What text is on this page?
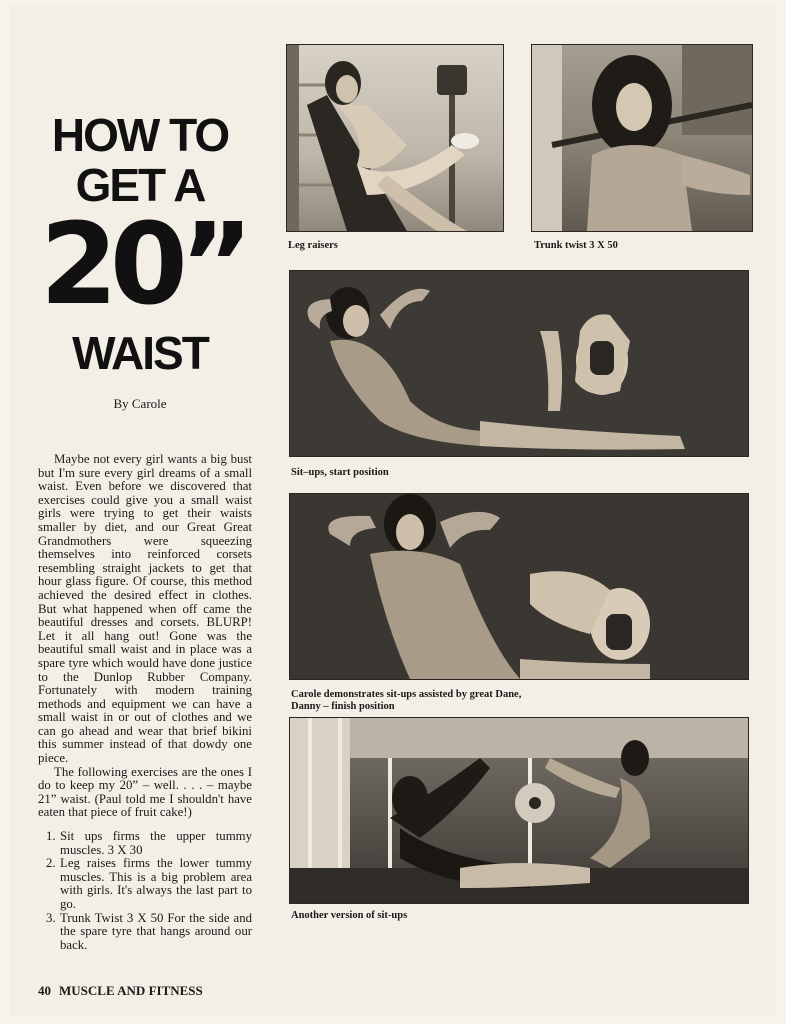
HOW TO
GET A
20”
WAIST
By Carole

Maybe not every girl wants a big bust but I'm sure every girl dreams of a small waist. Even before we discovered that exercises could give you a small waist girls were trying to get their waists smaller by diet, and our Great Great Grandmothers were squeezing themselves into reinforced corsets resembling straight jackets to get that hour glass figure. Of course, this method achieved the desired effect in clothes. But what happened when off came the beautiful dresses and corsets. BLURP! Let it all hang out! Gone was the beautiful small waist and in place was a spare tyre which would have done justice to the Dunlop Rubber Company. Fortunately with modern training methods and equipment we can have a small waist in or out of clothes and we can go ahead and wear that brief bikini this summer instead of that dowdy one piece.

The following exercises are the ones I do to keep my 20” – well. . . . – maybe 21” waist. (Paul told me I shouldn't have eaten that piece of fruit cake!)

1. Sit ups firms the upper tummy muscles. 3 X 30
2. Leg raises firms the lower tummy muscles. This is a big problem area with girls. It's always the last part to go.
3. Trunk Twist 3 X 50 For the side and the spare tyre that hangs around our back.
40 MUSCLE AND FITNESS

Leg raisers	Trunk twist 3 X 50

Sit–ups, start position

Carole demonstrates sit-ups assisted by great Dane, Danny – finish position

Another version of sit-ups
